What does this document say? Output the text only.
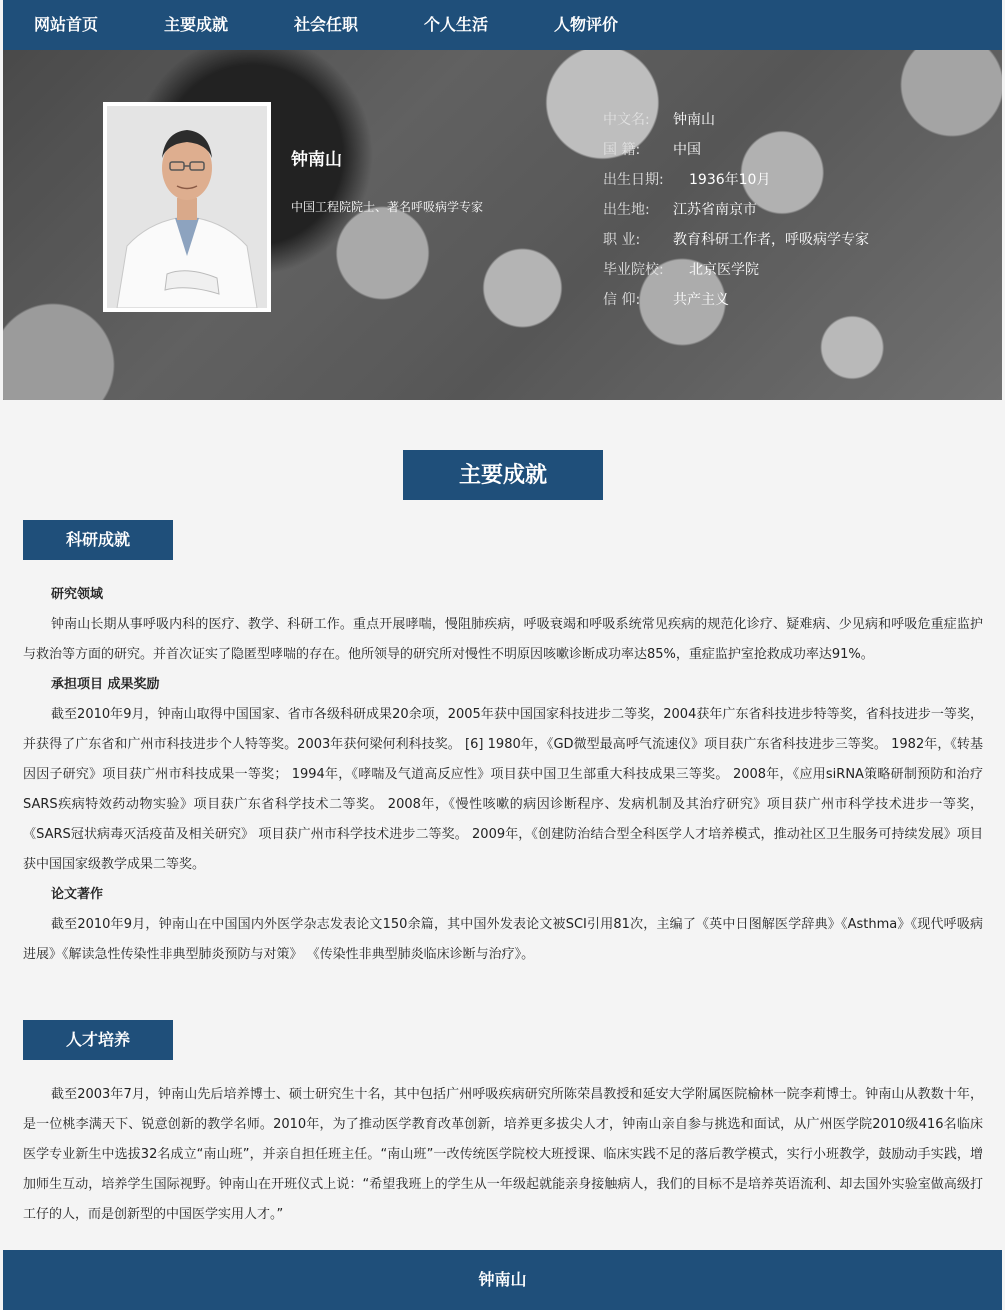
网站首页	主要成就	社会任职	个人生活	人物评价
钟南山
中国工程院院士、著名呼吸病学专家
中文名: 钟南山
国 籍: 中国
出生日期: 1936年10月
出生地: 江苏省南京市
职 业: 教育科研工作者，呼吸病学专家
毕业院校: 北京医学院
信 仰: 共产主义
主要成就
科研成就
研究领域

钟南山长期从事呼吸内科的医疗、教学、科研工作。重点开展哮喘，慢阻肺疾病，呼吸衰竭和呼吸系统常见疾病的规范化诊疗、疑难病、少见病和呼吸危重症监护与救治等方面的研究。并首次证实了隐匿型哮喘的存在。他所领导的研究所对慢性不明原因咳嗽诊断成功率达85%，重症监护室抢救成功率达91%。

承担项目 成果奖励

截至2010年9月，钟南山取得中国国家、省市各级科研成果20余项，2005年获中国国家科技进步二等奖，2004获年广东省科技进步特等奖，省科技进步一等奖，并获得了广东省和广州市科技进步个人特等奖。2003年获何梁何利科技奖。 [6] 1980年，《GD微型最高呼气流速仪》项目获广东省科技进步三等奖。 1982年，《转基因因子研究》项目获广州市科技成果一等奖； 1994年，《哮喘及气道高反应性》项目获中国卫生部重大科技成果三等奖。 2008年，《应用siRNA策略研制预防和治疗SARS疾病特效药动物实验》项目获广东省科学技术二等奖。 2008年，《慢性咳嗽的病因诊断程序、发病机制及其治疗研究》项目获广州市科学技术进步一等奖，《SARS冠状病毒灭活疫苗及相关研究》 项目获广州市科学技术进步二等奖。 2009年，《创建防治结合型全科医学人才培养模式，推动社区卫生服务可持续发展》项目获中国国家级教学成果二等奖。

论文著作

截至2010年9月，钟南山在中国国内外医学杂志发表论文150余篇，其中国外发表论文被SCI引用81次，主编了《英中日图解医学辞典》《Asthma》《现代呼吸病进展》《解读急性传染性非典型肺炎预防与对策》 《传染性非典型肺炎临床诊断与治疗》。

人才培养

截至2003年7月，钟南山先后培养博士、硕士研究生十名，其中包括广州呼吸疾病研究所陈荣昌教授和延安大学附属医院榆林一院李莉博士。钟南山从教数十年，是一位桃李满天下、锐意创新的教学名师。2010年，为了推动医学教育改革创新，培养更多拔尖人才，钟南山亲自参与挑选和面试，从广州医学院2010级416名临床医学专业新生中选拔32名成立“南山班”，并亲自担任班主任。“南山班”一改传统医学院校大班授课、临床实践不足的落后教学模式，实行小班教学，鼓励动手实践，增加师生互动，培养学生国际视野。钟南山在开班仪式上说：“希望我班上的学生从一年级起就能亲身接触病人，我们的目标不是培养英语流利、却去国外实验室做高级打工仔的人，而是创新型的中国医学实用人才。”

钟南山
